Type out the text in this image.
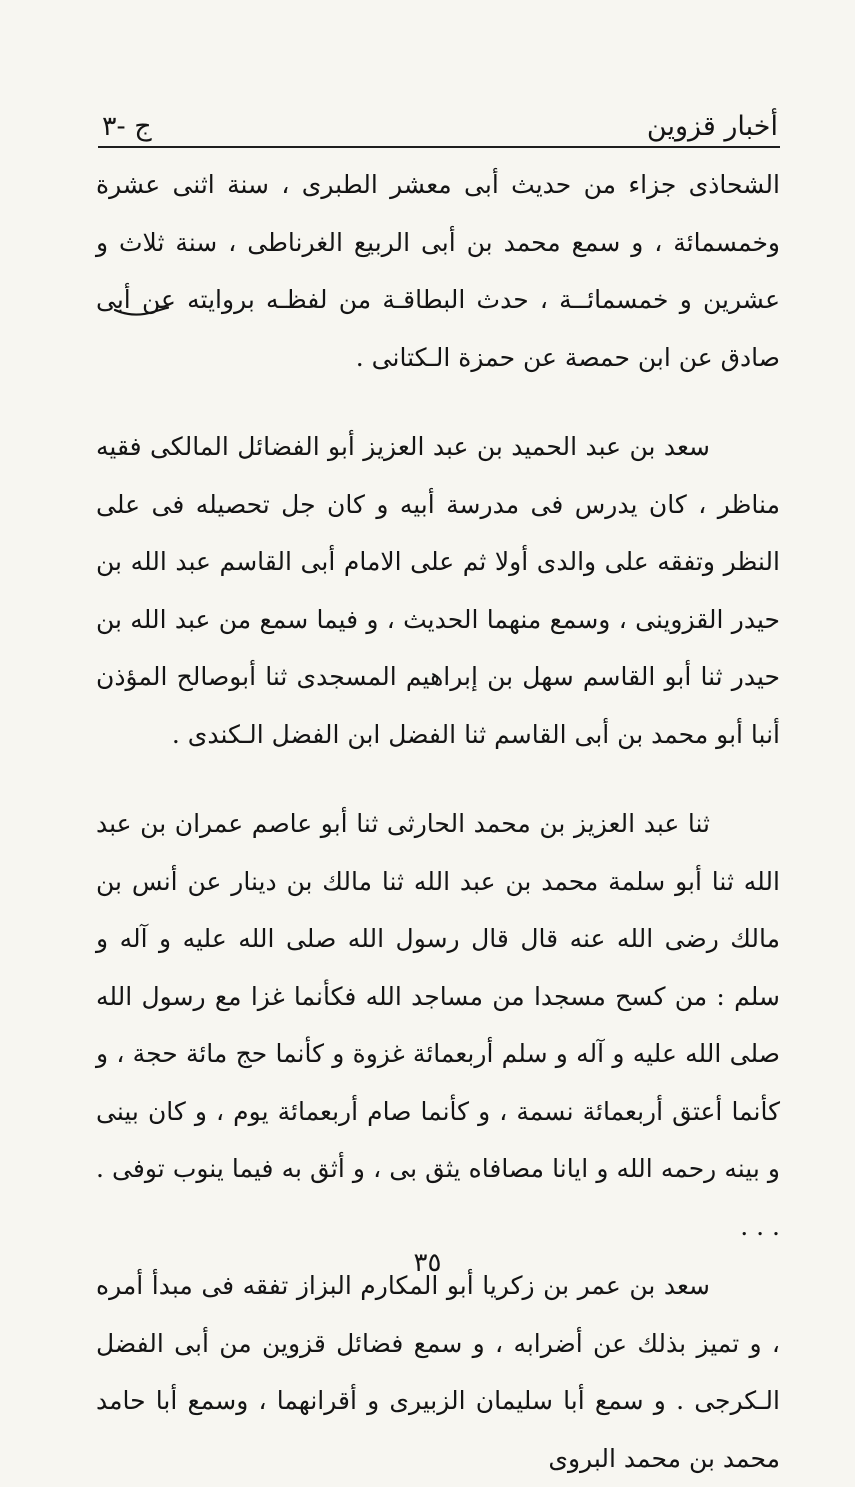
ج -٣	أخبار قزوين

الشحاذى جزاء من حديث أبى معشر الطبرى ، سنة اثنى عشرة وخمسمائة ، و سمع محمد بن أبى الربيع الغرناطى ، سنة ثلاث و عشرين و خمسمائــة ، حدث البطاقـة من لفظـه بروايته عن أبى صادق عن ابن حمصة عن حمزة الـكتانى .

سعد بن عبد الحميد بن عبد العزيز أبو الفضائل المالكى فقيه مناظر ، كان يدرس فى مدرسة أبيه و كان جل تحصيله فى على النظر وتفقه على والدى أولا ثم على الامام أبى القاسم عبد الله بن حيدر القزوينى ، وسمع منهما الحديث ، و فيما سمع من عبد الله بن حيدر ثنا أبو القاسم سهل بن إبراهيم المسجدى ثنا أبوصالح المؤذن أنبا أبو محمد بن أبى القاسم ثنا الفضل ابن الفضل الـكندى .

ثنا عبد العزيز بن محمد الحارثى ثنا أبو عاصم عمران بن عبد الله ثنا أبو سلمة محمد بن عبد الله ثنا مالك بن دينار عن أنس بن مالك رضى الله عنه قال قال رسول الله صلى الله عليه و آله و سلم : من كسح مسجدا من مساجد الله فكأنما غزا مع رسول الله صلى الله عليه و آله و سلم أربعمائة غزوة و كأنما حج مائة حجة ، و كأنما أعتق أربعمائة نسمة ، و كأنما صام أربعمائة يوم ، و كان بينى و بينه رحمه الله و ايانا مصافاه يثق بى ، و أثق به فيما ينوب توفى . . . .

سعد بن عمر بن زكريا أبو المكارم البزاز تفقه فى مبدأ أمره ، و تميز بذلك عن أضرابه ، و سمع فضائل قزوين من أبى الفضل الـكرجى . و سمع أبا سليمان الزبيرى و أقرانهما ، وسمع أبا حامد محمد بن محمد البروى

٣٥
